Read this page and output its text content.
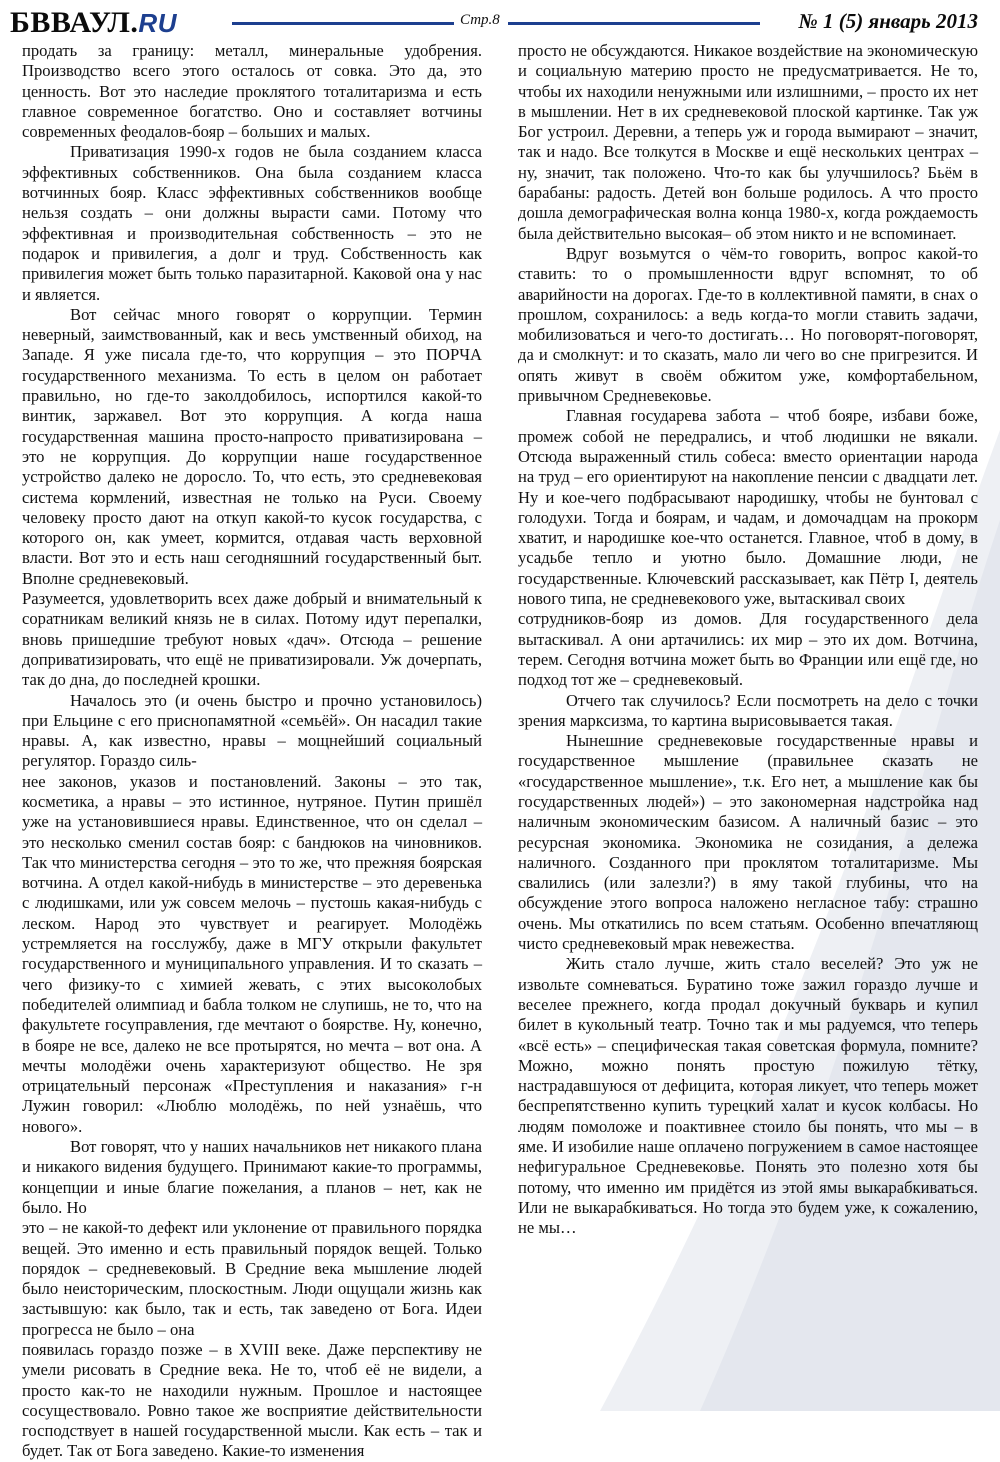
БВВАУЛ.RU	Стр.8	№ 1 (5) январь 2013

продать за границу: металл, минеральные удобрения. Производство всего этого осталось от совка. Это да, это ценность. Вот это наследие проклятого тоталитаризма и есть главное современное богатство. Оно и составляет вотчины современных феодалов-бояр – больших и малых.

Приватизация 1990-х годов не была созданием класса эффективных собственников. Она была созданием класса вотчинных бояр. Класс эффективных собственников вообще нельзя создать – они должны вырасти сами. Потому что эффективная и производительная собственность – это не подарок и привилегия, а долг и труд. Собственность как привилегия может быть только паразитарной. Каковой она у нас и является.

Вот сейчас много говорят о коррупции. Термин неверный, заимствованный, как и весь умственный обиход, на Западе. Я уже писала где-то, что коррупция – это ПОРЧА государственного механизма. То есть в целом он работает правильно, но где-то заколдобилось, испортился какой-то винтик, заржавел. Вот это коррупция. А когда наша государственная машина просто-напросто приватизирована – это не коррупция. До коррупции наше государственное устройство далеко не доросло. То, что есть, это средневековая система кормлений, известная не только на Руси. Своему человеку просто дают на откуп какой-то кусок государства, с которого он, как умеет, кормится, отдавая часть верховной власти. Вот это и есть наш сегодняшний государственный быт. Вполне средневековый.

Разумеется, удовлетворить всех даже добрый и внимательный к соратникам великий князь не в силах. Потому идут перепалки, вновь пришедшие требуют новых «дач». Отсюда – решение доприватизировать, что ещё не приватизировали. Уж дочерпать, так до дна, до последней крошки.

Началось это (и очень быстро и прочно установилось) при Ельцине с его приснопамятной «семьёй». Он насадил такие нравы. А, как известно, нравы – мощнейший социальный регулятор. Гораздо силь-

нее законов, указов и постановлений. Законы – это так, косметика, а нравы – это истинное, нутряное. Путин пришёл уже на установившиеся нравы. Единственное, что он сделал – это несколько сменил состав бояр: с бандюков на чиновников. Так что министерства сегодня – это то же, что прежняя боярская вотчина. А отдел какой-нибудь в министерстве – это деревенька с людишками, или уж совсем мелочь – пустошь какая-нибудь с леском. Народ это чувствует и реагирует. Молодёжь устремляется на госслужбу, даже в МГУ открыли факультет государственного и муниципального управления. И то сказать – чего физику-то с химией жевать, с этих высоколобых победителей олимпиад и бабла толком не слупишь, не то, что на факультете госуправления, где мечтают о боярстве. Ну, конечно, в бояре не все, далеко не все протырятся, но мечта – вот она. А мечты молодёжи очень характеризуют общество. Не зря отрицательный персонаж «Преступления и наказания» г-н Лужин говорил: «Люблю молодёжь, по ней узнаёшь, что нового».

Вот говорят, что у наших начальников нет никакого плана и никакого видения будущего. Принимают какие-то программы, концепции и иные благие пожелания, а планов – нет, как не было. Но

это – не какой-то дефект или уклонение от правильного порядка вещей. Это именно и есть правильный порядок вещей. Только порядок – средневековый. В Средние века мышление людей было неисторическим, плоскостным. Люди ощущали жизнь как застывшую: как было, так и есть, так заведено от Бога. Идеи прогресса не было – она

появилась гораздо позже – в XVIII веке. Даже перспективу не умели рисовать в Средние века. Не то, чтоб её не видели, а просто как-то не находили нужным. Прошлое и настоящее сосуществовало. Ровно такое же восприятие действительности господствует в нашей государственной мысли. Как есть – так и будет. Так от Бога заведено. Какие-то изменения

просто не обсуждаются. Никакое воздействие на экономическую и социальную материю просто не предусматривается. Не то, чтобы их находили ненужными или излишними, – просто их нет в мышлении. Нет в их средневековой плоской картинке. Так уж Бог устроил. Деревни, а теперь уж и города вымирают – значит, так и надо. Все толкутся в Москве и ещё нескольких центрах – ну, значит, так положено. Что-то как бы улучшилось? Бьём в барабаны: радость. Детей вон больше родилось. А что просто дошла демографическая волна конца 1980-х, когда рождаемость была действительно высокая– об этом никто и не вспоминает.

Вдруг возьмутся о чём-то говорить, вопрос какой-то ставить: то о промышленности вдруг вспомнят, то об аварийности на дорогах. Где-то в коллективной памяти, в снах о прошлом, сохранилось: а ведь когда-то могли ставить задачи, мобилизоваться и чего-то достигать… Но поговорят-поговорят, да и смолкнут: и то сказать, мало ли чего во сне пригрезится. И опять живут в своём обжитом уже, комфортабельном, привычном Средневековье.

Главная государева забота – чтоб бояре, избави боже, промеж собой не передрались, и чтоб людишки не вякали. Отсюда выраженный стиль собеса: вместо ориентации народа на труд – его ориентируют на накопление пенсии с двадцати лет. Ну и кое-чего подбрасывают народишку, чтобы не бунтовал с голодухи. Тогда и боярам, и чадам, и домочадцам на прокорм хватит, и народишке кое-что останется. Главное, чтоб в дому, в усадьбе тепло и уютно было. Домашние люди, не государственные. Ключевский рассказывает, как Пётр I, деятель нового типа, не средневекового уже, вытаскивал своих

сотрудников-бояр из домов. Для государственного дела вытаскивал. А они артачились: их мир – это их дом. Вотчина, терем. Сегодня вотчина может быть во Франции или ещё где, но подход тот же – средневековый.

Отчего так случилось? Если посмотреть на дело с точки зрения марксизма, то картина вырисовывается такая.

Нынешние средневековые государственные нравы и государственное мышление (правильнее сказать не «государственное мышление», т.к. Его нет, а мышление как бы государственных людей») – это закономерная надстройка над наличным экономическим базисом. А наличный базис – это ресурсная экономика. Экономика не созидания, а дележа наличного. Созданного при проклятом тоталитаризме. Мы свалились (или залезли?) в яму такой глубины, что на обсуждение этого вопроса наложено негласное табу: страшно очень. Мы откатились по всем статьям. Особенно впечатляющ чисто средневековый мрак невежества.

Жить стало лучше, жить стало веселей? Это уж не извольте сомневаться. Буратино тоже зажил гораздо лучше и веселее прежнего, когда продал докучный букварь и купил билет в кукольный театр. Точно так и мы радуемся, что теперь «всё есть» – специфическая такая советская формула, помните? Можно, можно понять простую пожилую тётку, настрадавшуюся от дефицита, которая ликует, что теперь может беспрепятственно купить турецкий халат и кусок колбасы. Но людям помоложе и поактивнее стоило бы понять, что мы – в яме. И изобилие наше оплачено погружением в самое настоящее нефигуральное Средневековье. Понять это полезно хотя бы потому, что именно им придётся из этой ямы выкарабкиваться. Или не выкарабкиваться. Но тогда это будем уже, к сожалению, не мы…
